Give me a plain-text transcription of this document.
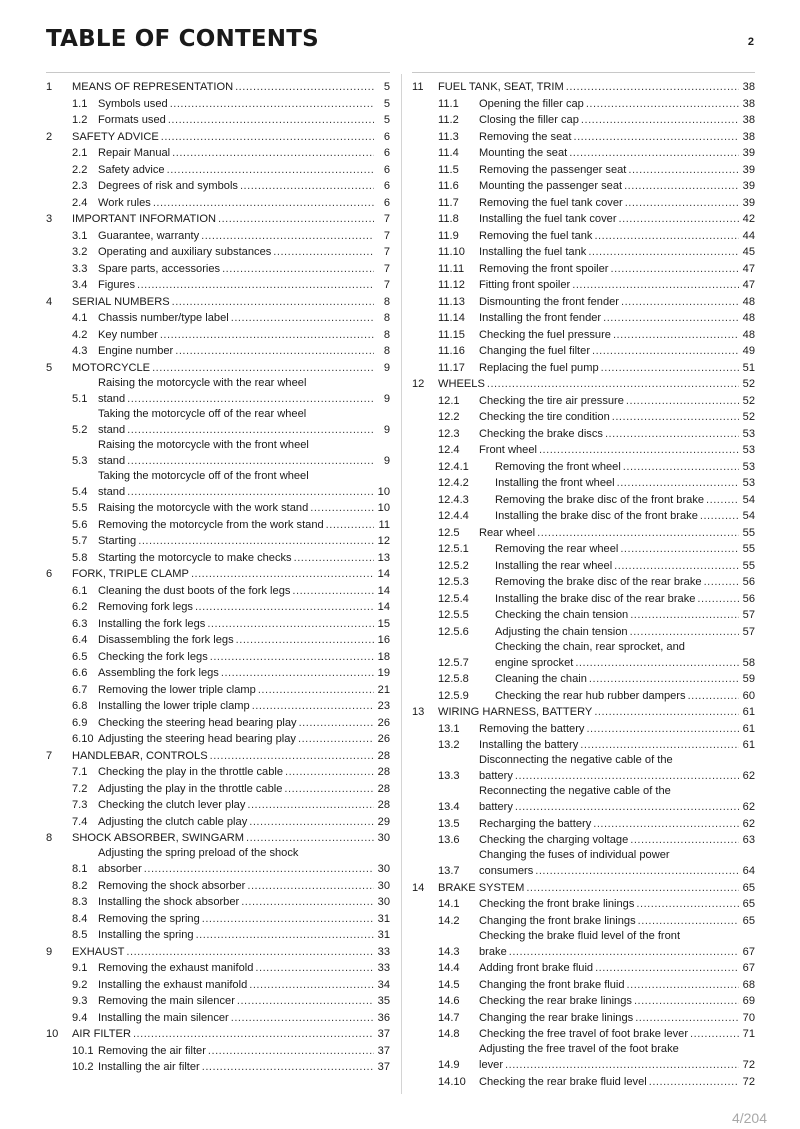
TABLE OF CONTENTS	2
1	MEANS OF REPRESENTATION .....	5
1.1 Symbols used .....	5
1.2 Formats used .....	5
2	SAFETY ADVICE .....	6
2.1 Repair Manual .....	6
2.2 Safety advice .....	6
2.3 Degrees of risk and symbols .....	6
2.4 Work rules .....	6
3	IMPORTANT INFORMATION .....	7
3.1 Guarantee, warranty .....	7
3.2 Operating and auxiliary substances .....	7
3.3 Spare parts, accessories .....	7
3.4 Figures .....	7
4	SERIAL NUMBERS .....	8
4.1 Chassis number/type label .....	8
4.2 Key number .....	8
4.3 Engine number .....	8
5	MOTORCYCLE .....	9
5.1
Raising the motorcycle with the rear wheel
stand .....	9
5.2
Taking the motorcycle off of the rear wheel
stand .....	9
5.3
Raising the motorcycle with the front wheel
stand .....	9
5.4
Taking the motorcycle off of the front wheel
stand .....	10
5.5 Raising the motorcycle with the work stand .....	10
5.6 Removing the motorcycle from the work stand .....	11
5.7 Starting .....	12
5.8 Starting the motorcycle to make checks .....	13
6	FORK, TRIPLE CLAMP .....	14
6.1 Cleaning the dust boots of the fork legs .....	14
6.2 Removing fork legs .....	14
6.3 Installing the fork legs .....	15
6.4 Disassembling the fork legs .....	16
6.5 Checking the fork legs .....	18
6.6 Assembling the fork legs .....	19
6.7 Removing the lower triple clamp .....	21
6.8 Installing the lower triple clamp .....	23
6.9 Checking the steering head bearing play .....	26
6.10 Adjusting the steering head bearing play .....	26
7	HANDLEBAR, CONTROLS .....	28
7.1 Checking the play in the throttle cable .....	28
7.2 Adjusting the play in the throttle cable .....	28
7.3 Checking the clutch lever play .....	28
7.4 Adjusting the clutch cable play .....	29
8	SHOCK ABSORBER, SWINGARM .....	30
8.1
Adjusting the spring preload of the shock
absorber .....	30
8.2 Removing the shock absorber .....	30
8.3 Installing the shock absorber .....	30
8.4 Removing the spring .....	31
8.5 Installing the spring .....	31
9	EXHAUST .....	33
9.1 Removing the exhaust manifold .....	33
9.2 Installing the exhaust manifold .....	34
9.3 Removing the main silencer .....	35
9.4 Installing the main silencer .....	36
10	AIR FILTER .....	37
10.1 Removing the air filter .....	37
10.2 Installing the air filter .....	37
11	FUEL TANK, SEAT, TRIM .....	38
11.1	Opening the filler cap .....	38
11.2	Closing the filler cap .....	38
11.3	Removing the seat .....	38
11.4	Mounting the seat .....	39
11.5	Removing the passenger seat .....	39
11.6	Mounting the passenger seat .....	39
11.7	Removing the fuel tank cover .....	39
11.8	Installing the fuel tank cover .....	42
11.9	Removing the fuel tank .....	44
11.10	Installing the fuel tank .....	45
11.11	Removing the front spoiler .....	47
11.12	Fitting front spoiler .....	47
11.13	Dismounting the front fender .....	48
11.14	Installing the front fender .....	48
11.15	Checking the fuel pressure .....	48
11.16	Changing the fuel filter .....	49
11.17	Replacing the fuel pump .....	51
12	WHEELS .....	52
12.1	Checking the tire air pressure .....	52
12.2	Checking the tire condition .....	52
12.3	Checking the brake discs .....	53
12.4	Front wheel .....	53
12.4.1	Removing the front wheel .....	53
12.4.2	Installing the front wheel .....	53
12.4.3	Removing the brake disc of the front brake .....	54
12.4.4	Installing the brake disc of the front brake .....	54
12.5	Rear wheel .....	55
12.5.1	Removing the rear wheel .....	55
12.5.2	Installing the rear wheel .....	55
12.5.3	Removing the brake disc of the rear brake .....	56
12.5.4	Installing the brake disc of the rear brake .....	56
12.5.5	Checking the chain tension .....	57
12.5.6	Adjusting the chain tension .....	57
12.5.7
Checking the chain, rear sprocket, and
engine sprocket .....	58
12.5.8	Cleaning the chain .....	59
12.5.9	Checking the rear hub rubber dampers .....	60
13	WIRING HARNESS, BATTERY .....	61
13.1	Removing the battery .....	61
13.2	Installing the battery .....	61
13.3
Disconnecting the negative cable of the
battery .....	62
13.4
Reconnecting the negative cable of the
battery .....	62
13.5	Recharging the battery .....	62
13.6	Checking the charging voltage .....	63
13.7
Changing the fuses of individual power
consumers .....	64
14	BRAKE SYSTEM .....	65
14.1	Checking the front brake linings .....	65
14.2	Changing the front brake linings .....	65
14.3
Checking the brake fluid level of the front
brake .....	67
14.4	Adding front brake fluid .....	67
14.5	Changing the front brake fluid .....	68
14.6	Checking the rear brake linings .....	69
14.7	Changing the rear brake linings .....	70
14.8	Checking the free travel of foot brake lever .....	71
14.9
Adjusting the free travel of the foot brake
lever .....	72
14.10	Checking the rear brake fluid level .....	72
4/204
